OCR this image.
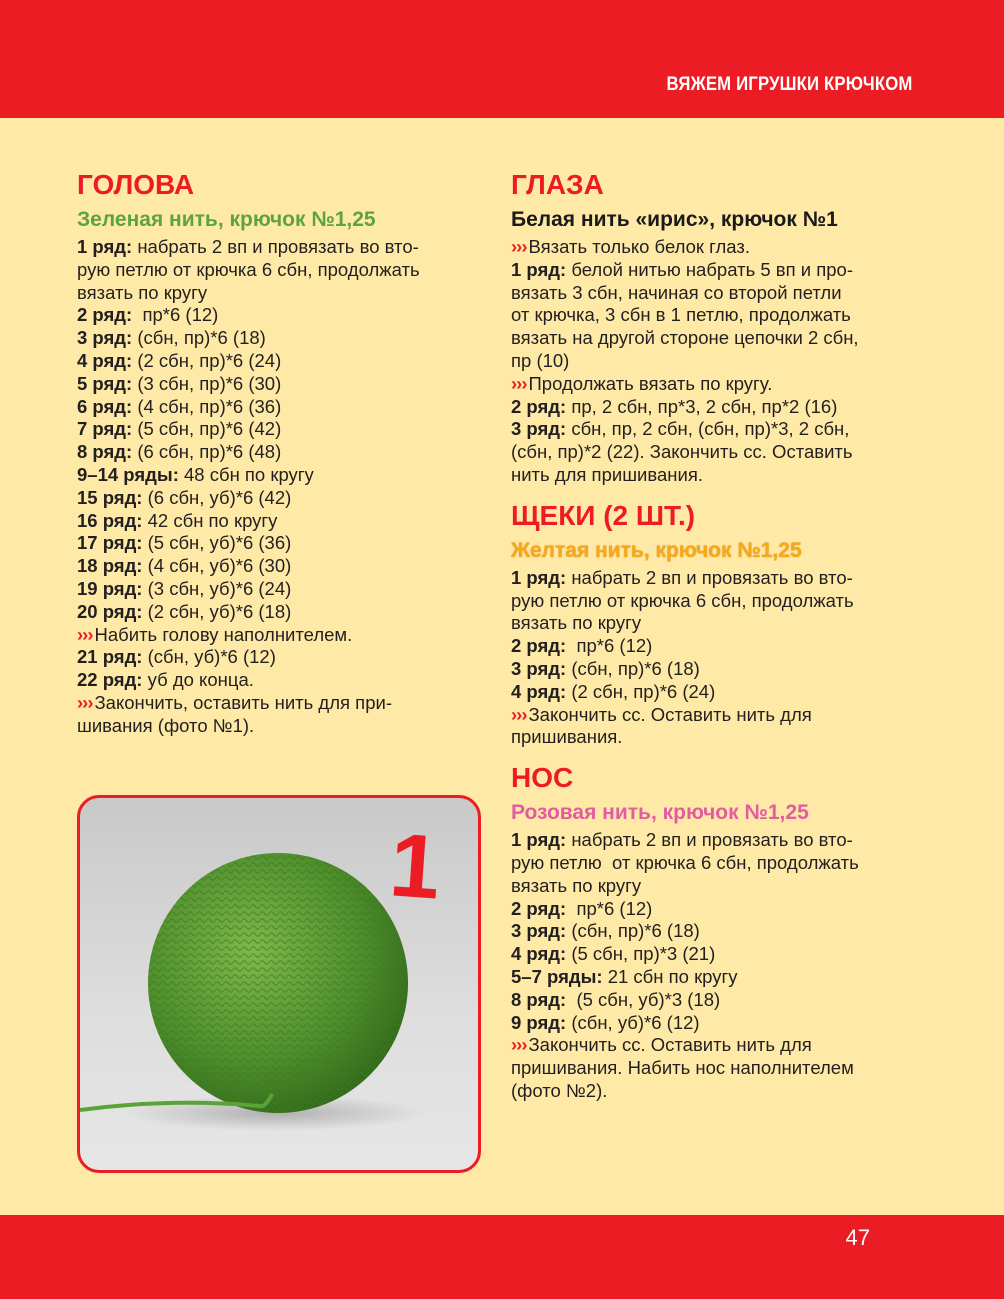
ВЯЖЕМ ИГРУШКИ КРЮЧКОМ
ГОЛОВА
Зеленая нить, крючок №1,25
1 ряд: набрать 2 вп и провязать во вто-
рую петлю от крючка 6 сбн, продолжать
вязать по кругу
2 ряд:  пр*6 (12)
3 ряд: (сбн, пр)*6 (18)
4 ряд: (2 сбн, пр)*6 (24)
5 ряд: (3 сбн, пр)*6 (30)
6 ряд: (4 сбн, пр)*6 (36)
7 ряд: (5 сбн, пр)*6 (42)
8 ряд: (6 сбн, пр)*6 (48)
9–14 ряды: 48 сбн по кругу
15 ряд: (6 сбн, уб)*6 (42)
16 ряд: 42 сбн по кругу
17 ряд: (5 сбн, уб)*6 (36)
18 ряд: (4 сбн, уб)*6 (30)
19 ряд: (3 сбн, уб)*6 (24)
20 ряд: (2 сбн, уб)*6 (18)
››› Набить голову наполнителем.
21 ряд: (сбн, уб)*6 (12)
22 ряд: уб до конца.
››› Закончить, оставить нить для при-
шивания (фото №1).
1
ГЛАЗА
Белая нить «ирис», крючок №1
››› Вязать только белок глаз.
1 ряд: белой нитью набрать 5 вп и про-
вязать 3 сбн, начиная со второй петли
от крючка, 3 сбн в 1 петлю, продолжать
вязать на другой стороне цепочки 2 сбн,
пр (10)
››› Продолжать вязать по кругу.
2 ряд: пр, 2 сбн, пр*3, 2 сбн, пр*2 (16)
3 ряд: сбн, пр, 2 сбн, (сбн, пр)*3, 2 сбн,
(сбн, пр)*2 (22). Закончить сс. Оставить
нить для пришивания.
ЩЕКИ (2 ШТ.)
Желтая нить, крючок №1,25
1 ряд: набрать 2 вп и провязать во вто-
рую петлю от крючка 6 сбн, продолжать
вязать по кругу
2 ряд:  пр*6 (12)
3 ряд: (сбн, пр)*6 (18)
4 ряд: (2 сбн, пр)*6 (24)
››› Закончить сс. Оставить нить для
пришивания.
НОС
Розовая нить, крючок №1,25
1 ряд: набрать 2 вп и провязать во вто-
рую петлю  от крючка 6 сбн, продолжать
вязать по кругу
2 ряд:  пр*6 (12)
3 ряд: (сбн, пр)*6 (18)
4 ряд: (5 сбн, пр)*3 (21)
5–7 ряды: 21 сбн по кругу
8 ряд:  (5 сбн, уб)*3 (18)
9 ряд: (сбн, уб)*6 (12)
››› Закончить сс. Оставить нить для
пришивания. Набить нос наполнителем
(фото №2).
47
